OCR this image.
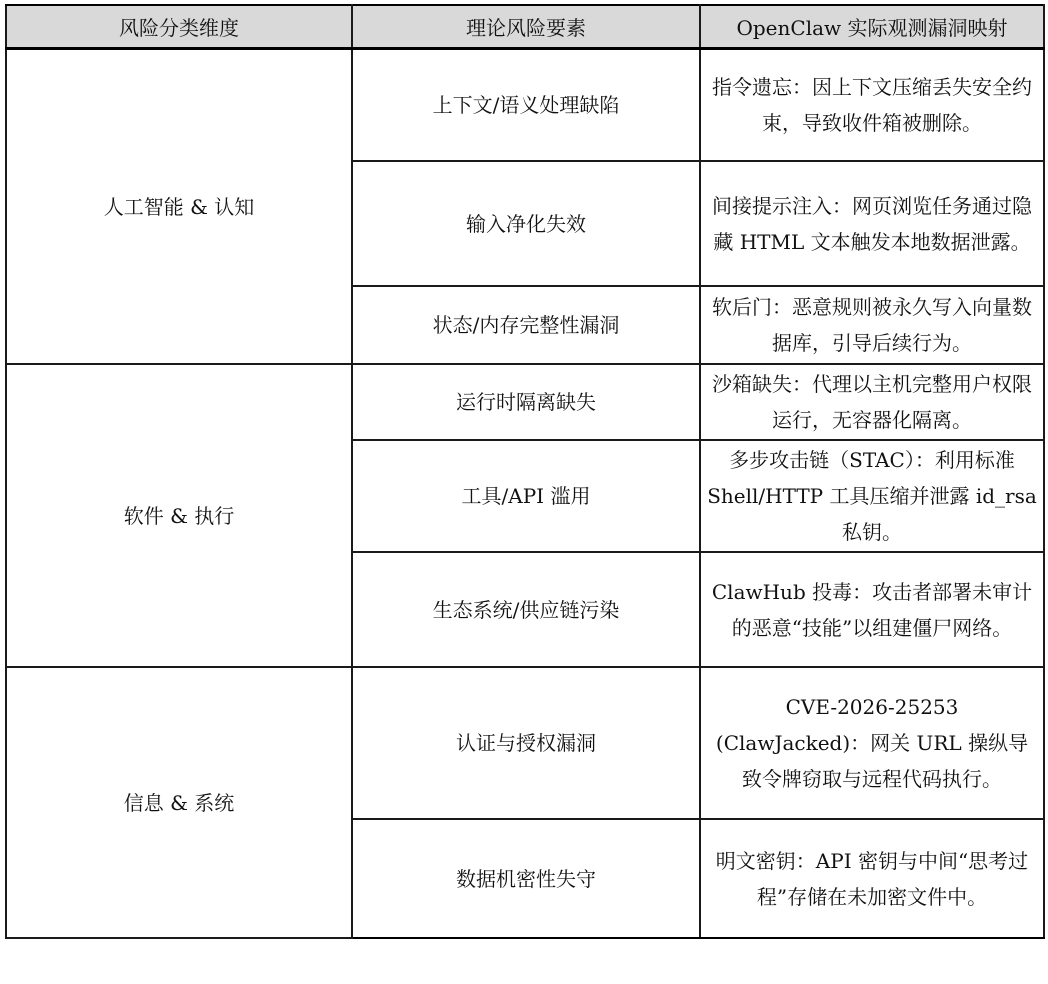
风险分类维度	理论风险要素	OpenClaw 实际观测漏洞映射
人工智能 & 认知	上下文/语义处理缺陷	指令遗忘：因上下文压缩丢失安全约束，导致收件箱被删除。
	输入净化失效	间接提示注入：网页浏览任务通过隐藏 HTML 文本触发本地数据泄露。
	状态/内存完整性漏洞	软后门：恶意规则被永久写入向量数据库，引导后续行为。
软件 & 执行	运行时隔离缺失	沙箱缺失：代理以主机完整用户权限运行，无容器化隔离。
	工具/API 滥用	多步攻击链（STAC）：利用标准 Shell/HTTP 工具压缩并泄露 id_rsa 私钥。
	生态系统/供应链污染	ClawHub 投毒：攻击者部署未审计的恶意“技能”以组建僵尸网络。
信息 & 系统	认证与授权漏洞	CVE-2026-25253 (ClawJacked)：网关 URL 操纵导致令牌窃取与远程代码执行。
	数据机密性失守	明文密钥：API 密钥与中间“思考过程”存储在未加密文件中。
